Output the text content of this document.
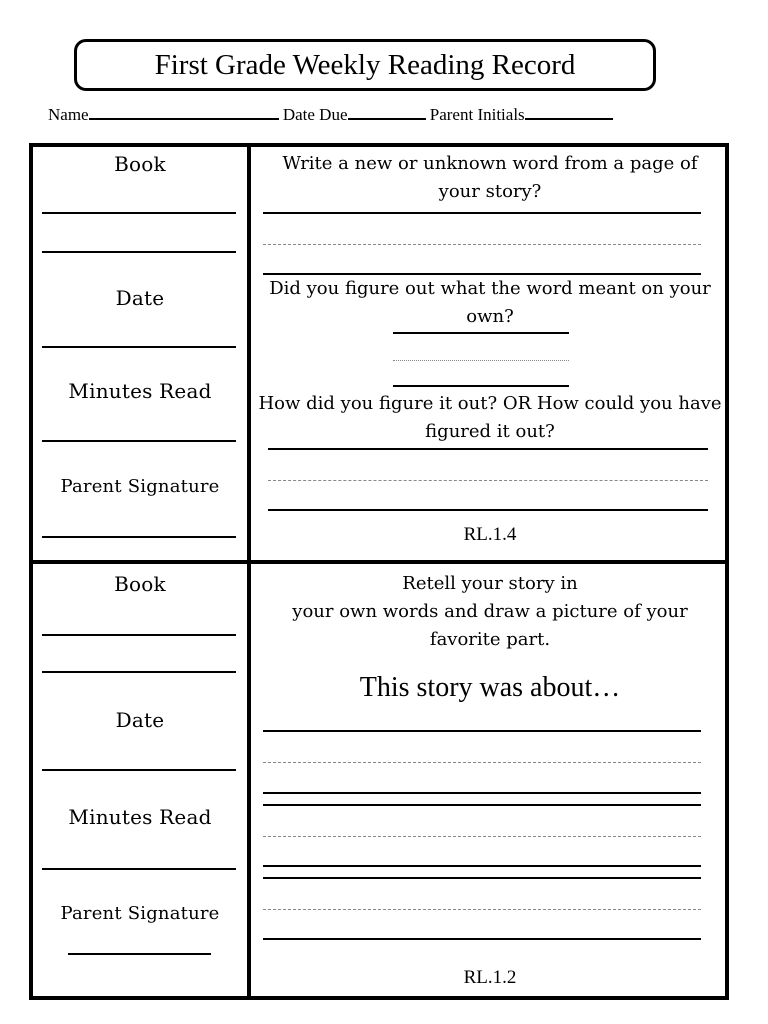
First Grade Weekly Reading Record
Name	Date Due	Parent Initials
Book
Date
Minutes Read
Parent Signature
Write a new or unknown word from a page of your story?
Did you figure out what the word meant on your own?
How did you figure it out? OR How could you have figured it out?
RL.1.4
Book
Date
Minutes Read
Parent Signature
Retell your story in
your own words and draw a picture of your favorite part.
This story was about…
RL.1.2
